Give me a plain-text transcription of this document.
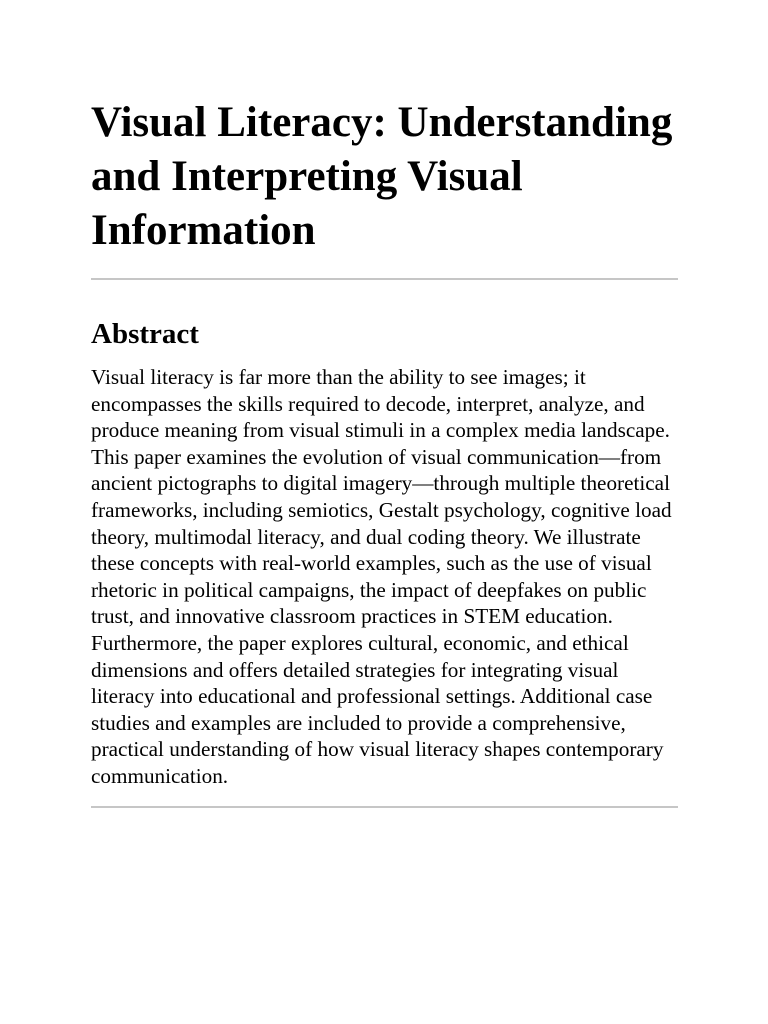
Visual Literacy: Understanding and Interpreting Visual Information
Abstract

Visual literacy is far more than the ability to see images; it encompasses the skills required to decode, interpret, analyze, and produce meaning from visual stimuli in a complex media landscape. This paper examines the evolution of visual communication—from ancient pictographs to digital imagery—through multiple theoretical frameworks, including semiotics, Gestalt psychology, cognitive load theory, multimodal literacy, and dual coding theory. We illustrate these concepts with real-world examples, such as the use of visual rhetoric in political campaigns, the impact of deepfakes on public trust, and innovative classroom practices in STEM education. Furthermore, the paper explores cultural, economic, and ethical dimensions and offers detailed strategies for integrating visual literacy into educational and professional settings. Additional case studies and examples are included to provide a comprehensive, practical understanding of how visual literacy shapes contemporary communication.
